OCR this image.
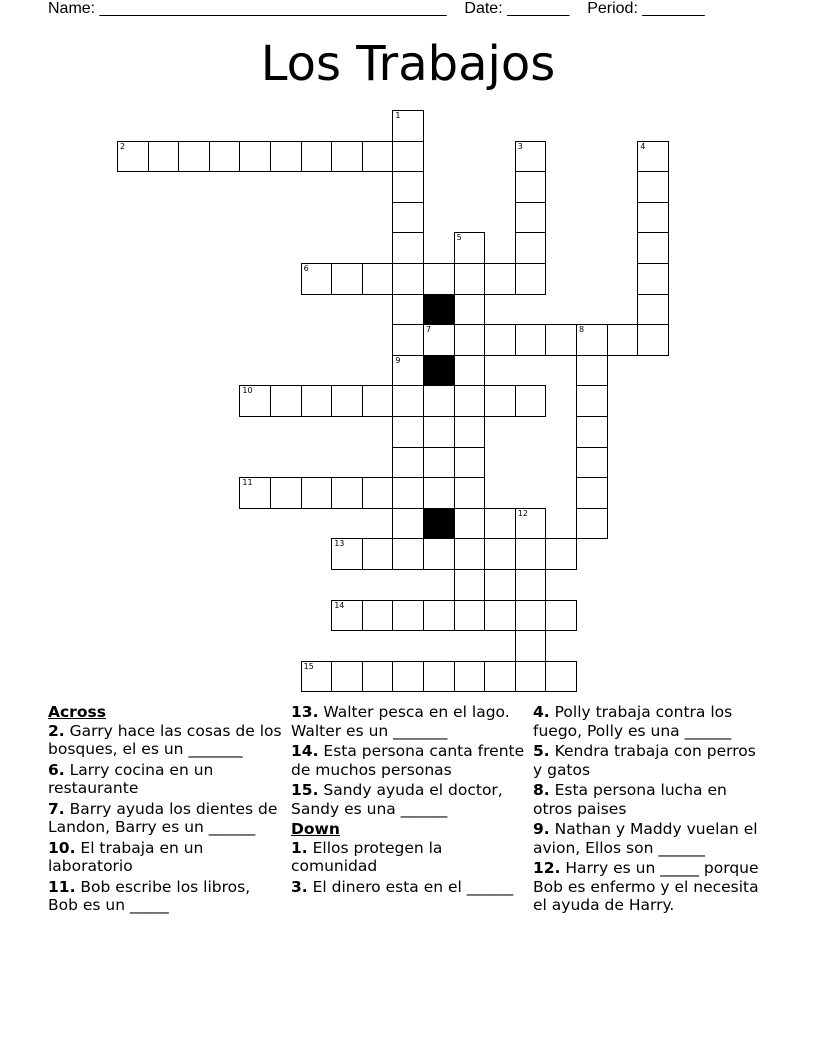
Name: _______________________________________ Date: _______ Period: _______
Los Trabajos
2
1
9
3	4
5
6
7	8
10
11
12
13
14
15
Across
2. Garry hace las cosas de los bosques, el es un _______
6. Larry cocina en un restaurante
7. Barry ayuda los dientes de Landon, Barry es un ______
10. El trabaja en un laboratorio
11. Bob escribe los libros, Bob es un _____
13. Walter pesca en el lago. Walter es un _______
14. Esta persona canta frente de muchos personas
15. Sandy ayuda el doctor, Sandy es una ______
Down
1. Ellos protegen la comunidad
3. El dinero esta en el ______
4. Polly trabaja contra los fuego, Polly es una ______
5. Kendra trabaja con perros y gatos
8. Esta persona lucha en otros paises
9. Nathan y Maddy vuelan el avion, Ellos son ______
12. Harry es un _____ porque Bob es enfermo y el necesita el ayuda de Harry.
